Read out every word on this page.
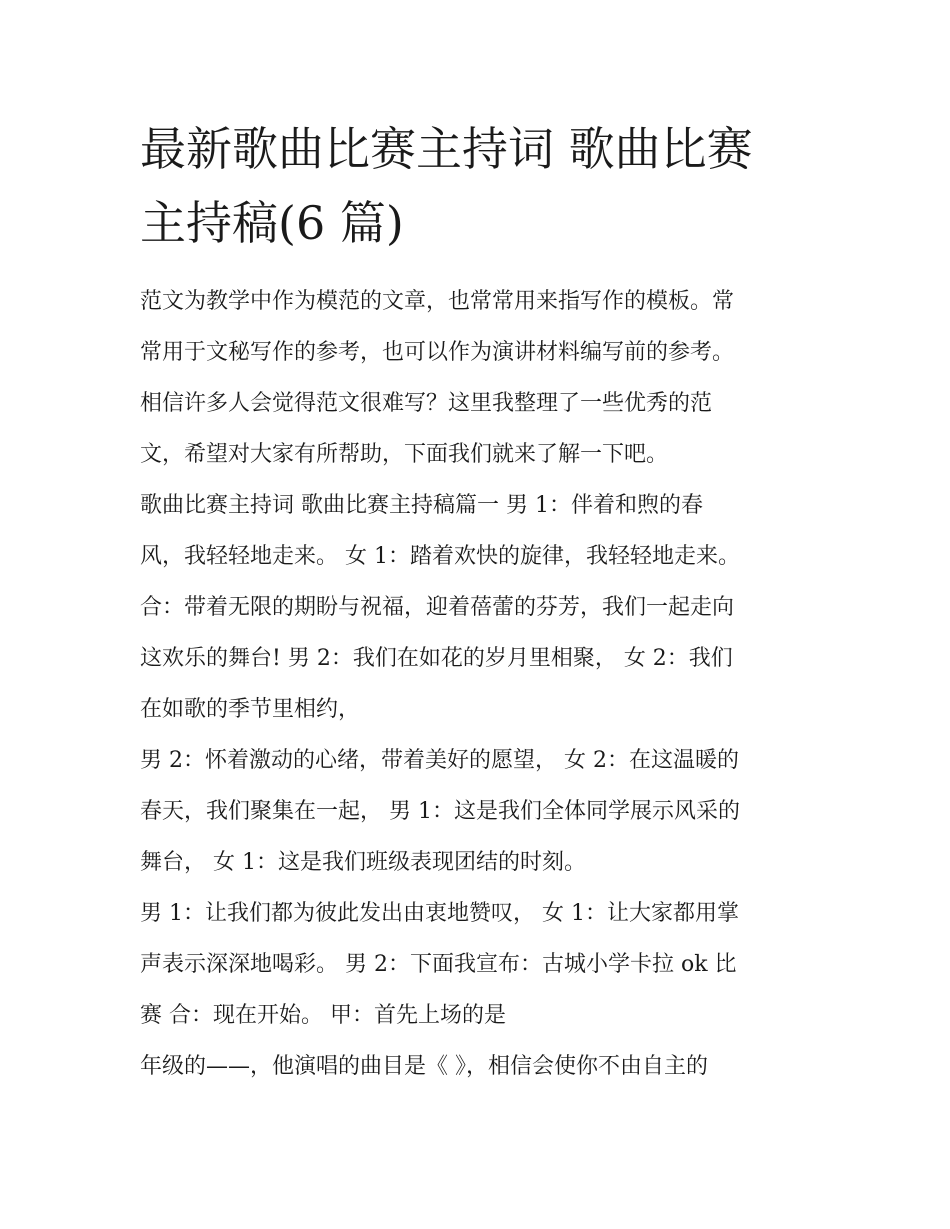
最新歌曲比赛主持词 歌曲比赛
主持稿(6 篇)
范文为教学中作为模范的文章，也常常用来指写作的模板。常
常用于文秘写作的参考，也可以作为演讲材料编写前的参考。
相信许多人会觉得范文很难写？这里我整理了一些优秀的范
文，希望对大家有所帮助，下面我们就来了解一下吧。
歌曲比赛主持词 歌曲比赛主持稿篇一 男 1：伴着和煦的春
风，我轻轻地走来。 女 1：踏着欢快的旋律，我轻轻地走来。
合：带着无限的期盼与祝福，迎着蓓蕾的芬芳，我们一起走向
这欢乐的舞台! 男 2：我们在如花的岁月里相聚， 女 2：我们
在如歌的季节里相约，
男 2：怀着激动的心绪，带着美好的愿望， 女 2：在这温暖的
春天，我们聚集在一起， 男 1：这是我们全体同学展示风采的
舞台， 女 1：这是我们班级表现团结的时刻。
男 1：让我们都为彼此发出由衷地赞叹， 女 1：让大家都用掌
声表示深深地喝彩。 男 2：下面我宣布：古城小学卡拉 ok 比
赛 合：现在开始。 甲：首先上场的是
年级的——，他演唱的曲目是《 》，相信会使你不由自主的
